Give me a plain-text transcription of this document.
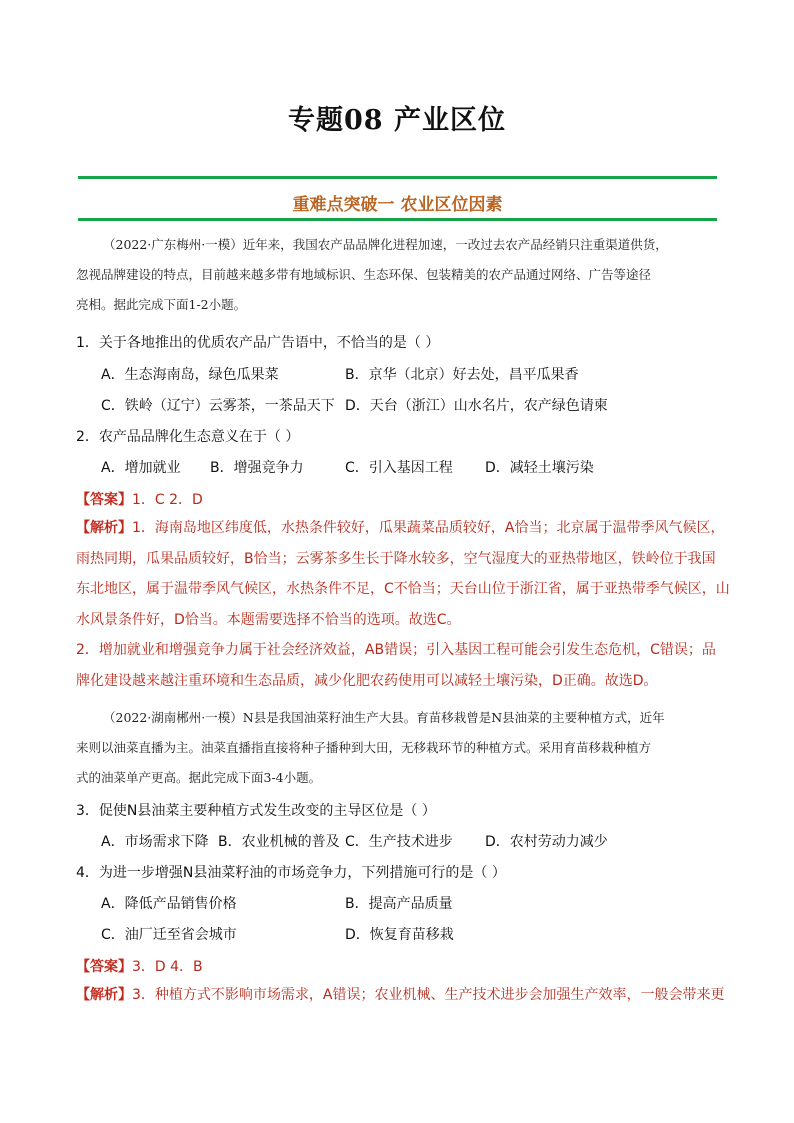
专题08 产业区位
重难点突破一 农业区位因素
（2022·广东梅州·一模）近年来，我国农产品品牌化进程加速，一改过去农产品经销只注重渠道供货，
忽视品牌建设的特点，目前越来越多带有地域标识、生态环保、包装精美的农产品通过网络、广告等途径
亮相。据此完成下面1-2小题。
1．关于各地推出的优质农产品广告语中，不恰当的是（ ）
A．生态海南岛，绿色瓜果菜	B．京华（北京）好去处，昌平瓜果香
C．铁岭（辽宁）云雾茶，一茶品天下 D．天台（浙江）山水名片，农产绿色请柬
2．农产品品牌化生态意义在于（ ）
A．增加就业 B．增强竞争力	C．引入基因工程 D．减轻土壤污染
【答案】1．C 2．D
【解析】1．海南岛地区纬度低，水热条件较好，瓜果蔬菜品质较好，A恰当；北京属于温带季风气候区，
雨热同期，瓜果品质较好，B恰当；云雾茶多生长于降水较多，空气湿度大的亚热带地区，铁岭位于我国
东北地区，属于温带季风气候区，水热条件不足，C不恰当；天台山位于浙江省，属于亚热带季气候区，山
水风景条件好，D恰当。本题需要选择不恰当的选项。故选C。
2．增加就业和增强竞争力属于社会经济效益，AB错误；引入基因工程可能会引发生态危机，C错误；品
牌化建设越来越注重环境和生态品质，减少化肥农药使用可以减轻土壤污染，D正确。故选D。
（2022·湖南郴州·一模）N县是我国油菜籽油生产大县。育苗移栽曾是N县油菜的主要种植方式，近年
来则以油菜直播为主。油菜直播指直接将种子播种到大田，无移栽环节的种植方式。采用育苗移栽种植方
式的油菜单产更高。据此完成下面3-4小题。
3．促使N县油菜主要种植方式发生改变的主导区位是（ ）
A．市场需求下降 B．农业机械的普及 C．生产技术进步 D．农村劳动力减少
4．为进一步增强N县油菜籽油的市场竞争力，下列措施可行的是（ ）
A．降低产品销售价格	B．提高产品质量
C．油厂迁至省会城市	D．恢复育苗移栽
【答案】3．D 4．B
【解析】3．种植方式不影响市场需求，A错误；农业机械、生产技术进步会加强生产效率，一般会带来更
